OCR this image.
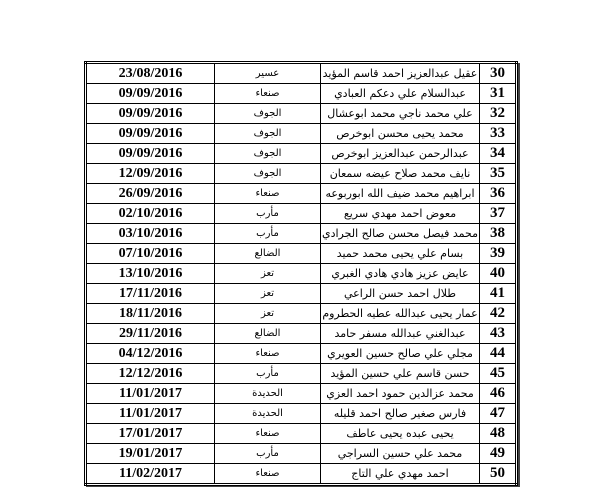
30	عقيل عبدالعزيز احمد قاسم المؤيد	عسير	23/08/2016
31	عبدالسلام علي دعكم العبادي	صنعاء	09/09/2016
32	علي محمد ناجي محمد ابوعشال	الجوف	09/09/2016
33	محمد يحيى محسن ابوخرص	الجوف	09/09/2016
34	عبدالرحمن عبدالعزيز ابوخرص	الجوف	09/09/2016
35	نايف محمد صلاح عيضه سمعان	الجوف	12/09/2016
36	ابراهيم محمد ضيف الله ابوربوعه	صنعاء	26/09/2016
37	معوض احمد مهدي سريع	مأرب	02/10/2016
38	محمد فيصل محسن صالح الجرادي	مأرب	03/10/2016
39	بسام علي يحيى محمد حميد	الضالع	07/10/2016
40	عايض عزيز هادي هادي الغبري	تعز	13/10/2016
41	طلال احمد حسن الراعي	تعز	17/11/2016
42	عمار يحيى عبدالله عطيه الحطروم	تعز	18/11/2016
43	عبدالغني عبدالله مسفر حامد	الضالع	29/11/2016
44	مجلي علي صالح حسين العويري	صنعاء	04/12/2016
45	حسن قاسم علي حسين المؤيد	مأرب	12/12/2016
46	محمد عزالدين حمود احمد العزي	الحديدة	11/01/2017
47	فارس صغير صالح احمد قليله	الحديدة	11/01/2017
48	يحيى عبده يحيى عاطف	صنعاء	17/01/2017
49	محمد علي حسين السراجي	مأرب	19/01/2017
50	احمد مهدي علي التاج	صنعاء	11/02/2017
